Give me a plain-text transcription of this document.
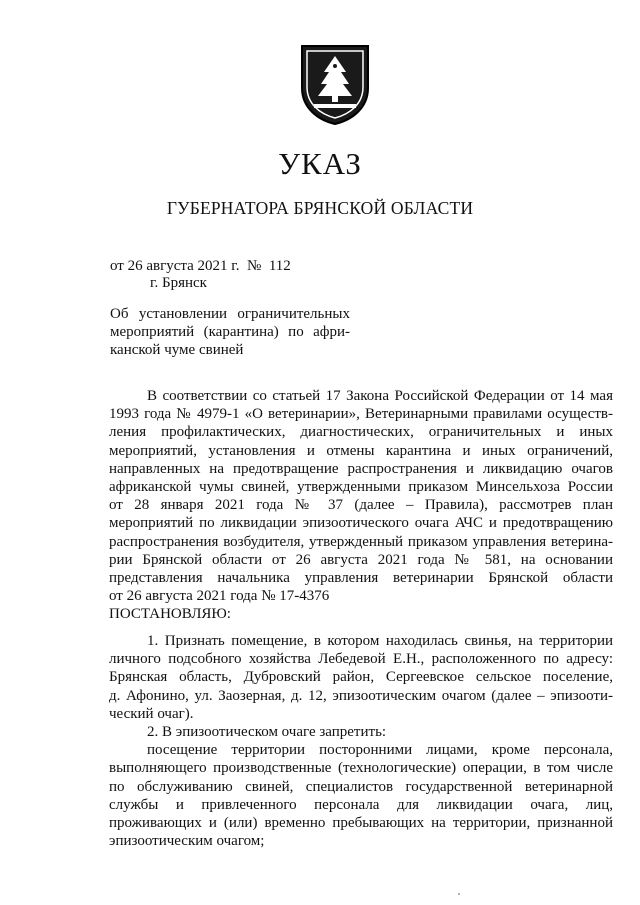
УКАЗ
ГУБЕРНАТОРА БРЯНСКОЙ ОБЛАСТИ
от 26 августа 2021 г.  №  112
г. Брянск
Об установлении ограничительных
мероприятий (карантина) по афри-
канской чуме свиней
В соответствии со статьей 17 Закона Российской Федерации от 14 мая
1993 года № 4979-1 «О ветеринарии», Ветеринарными правилами осуществ-
ления профилактических, диагностических, ограничительных и иных
мероприятий, установления и отмены карантина и иных ограничений,
направленных на предотвращение распространения и ликвидацию очагов
африканской чумы свиней, утвержденными приказом Минсельхоза России
от 28 января 2021 года № 37 (далее – Правила), рассмотрев план
мероприятий по ликвидации эпизоотического очага АЧС и предотвращению
распространения возбудителя, утвержденный приказом управления ветерина-
рии Брянской области от 26 августа 2021 года № 581, на основании
представления начальника управления ветеринарии Брянской области
от 26 августа 2021 года № 17-4376
ПОСТАНОВЛЯЮ:
1. Признать помещение, в котором находилась свинья, на территории
личного подсобного хозяйства Лебедевой Е.Н., расположенного по адресу:
Брянская область, Дубровский район, Сергеевское сельское поселение,
д. Афонино, ул. Заозерная, д. 12, эпизоотическим очагом (далее – эпизооти-
ческий очаг).
2. В эпизоотическом очаге запретить:
посещение территории посторонними лицами, кроме персонала,
выполняющего производственные (технологические) операции, в том числе
по обслуживанию свиней, специалистов государственной ветеринарной
службы и привлеченного персонала для ликвидации очага, лиц,
проживающих и (или) временно пребывающих на территории, признанной
эпизоотическим очагом;
